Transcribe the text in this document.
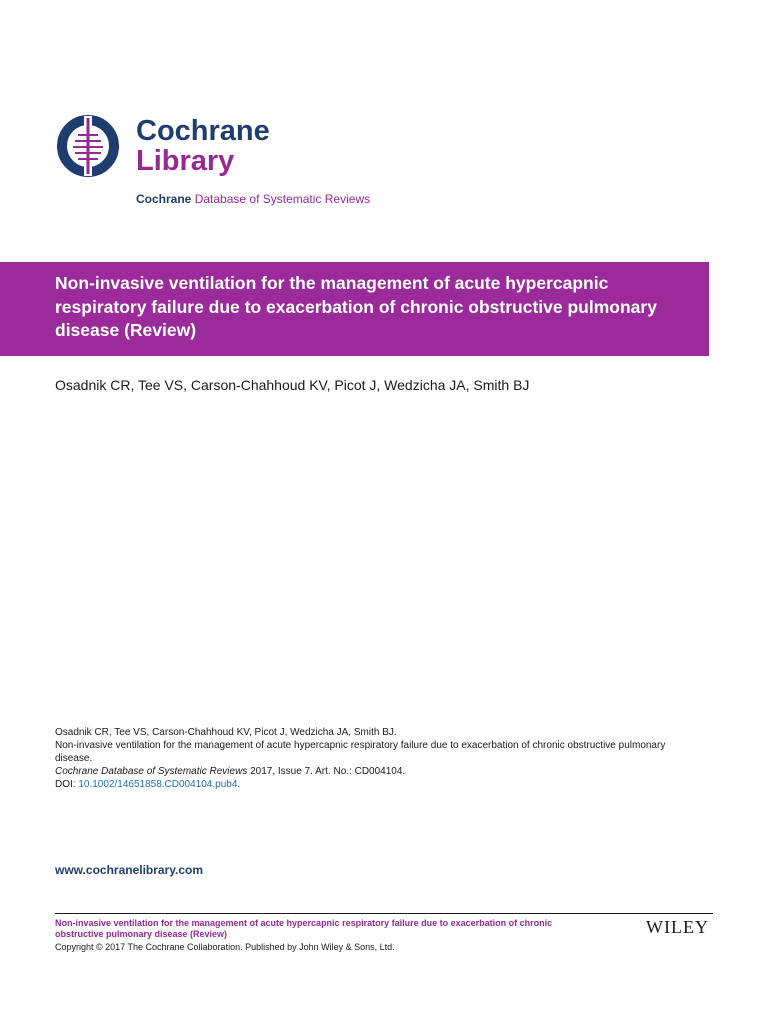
Cochrane
Library
Cochrane Database of Systematic Reviews
Non-invasive ventilation for the management of acute hypercapnic respiratory failure due to exacerbation of chronic obstructive pulmonary disease (Review)
Osadnik CR, Tee VS, Carson-Chahhoud KV, Picot J, Wedzicha JA, Smith BJ
Osadnik CR, Tee VS, Carson-Chahhoud KV, Picot J, Wedzicha JA, Smith BJ.
Non-invasive ventilation for the management of acute hypercapnic respiratory failure due to exacerbation of chronic obstructive pulmonary disease.
Cochrane Database of Systematic Reviews 2017, Issue 7. Art. No.: CD004104.
DOI: 10.1002/14651858.CD004104.pub4.
www.cochranelibrary.com
Non-invasive ventilation for the management of acute hypercapnic respiratory failure due to exacerbation of chronic obstructive pulmonary disease (Review)
Copyright © 2017 The Cochrane Collaboration. Published by John Wiley & Sons, Ltd.
WILEY
